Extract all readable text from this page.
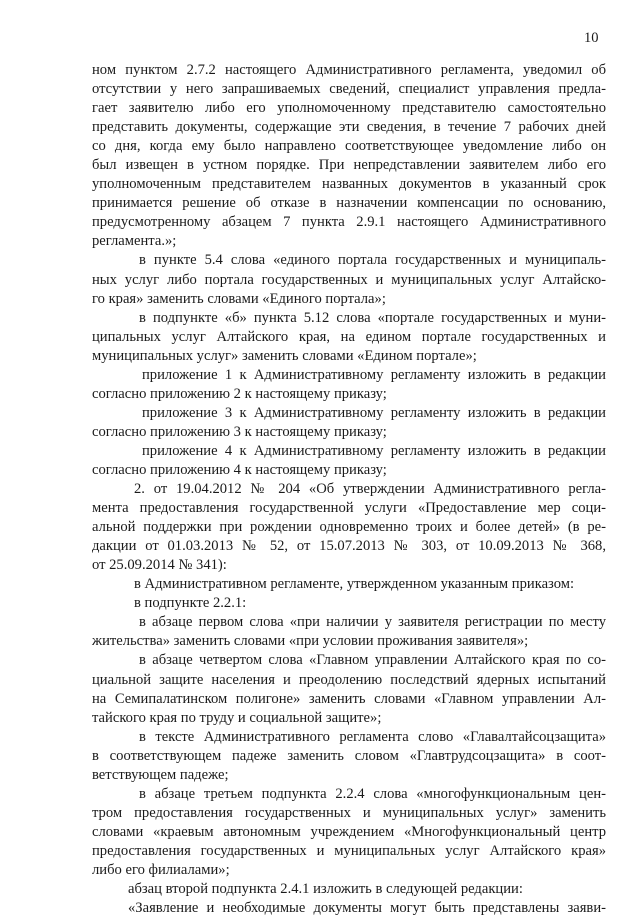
10
ном пунктом 2.7.2 настоящего Административного регламента, уведомил об
отсутствии у него запрашиваемых сведений, специалист управления предла-
гает заявителю либо его уполномоченному представителю самостоятельно
представить документы, содержащие эти сведения, в течение 7 рабочих дней
со дня, когда ему было направлено соответствующее уведомление либо он
был извещен в устном порядке. При непредставлении заявителем либо его
уполномоченным представителем названных документов в указанный срок
принимается решение об отказе в назначении компенсации по основанию,
предусмотренному абзацем 7 пункта 2.9.1 настоящего Административного
регламента.»;
в пункте 5.4 слова «единого портала государственных и муниципаль-
ных услуг либо портала государственных и муниципальных услуг Алтайско-
го края» заменить словами «Единого портала»;
в подпункте «б» пункта 5.12 слова «портале государственных и муни-
ципальных услуг Алтайского края, на едином портале государственных и
муниципальных услуг» заменить словами «Едином портале»;
приложение 1 к Административному регламенту изложить в редакции
согласно приложению 2 к настоящему приказу;
приложение 3 к Административному регламенту изложить в редакции
согласно приложению 3 к настоящему приказу;
приложение 4 к Административному регламенту изложить в редакции
согласно приложению 4 к настоящему приказу;
2. от 19.04.2012 № 204 «Об утверждении Административного регла-
мента предоставления государственной услуги «Предоставление мер соци-
альной поддержки при рождении одновременно троих и более детей» (в ре-
дакции от 01.03.2013 № 52, от 15.07.2013 № 303, от 10.09.2013 № 368,
от 25.09.2014 № 341):
в Административном регламенте, утвержденном указанным приказом:
в подпункте 2.2.1:
в абзаце первом слова «при наличии у заявителя регистрации по месту
жительства» заменить словами «при условии проживания заявителя»;
в абзаце четвертом слова «Главном управлении Алтайского края по со-
циальной защите населения и преодолению последствий ядерных испытаний
на Семипалатинском полигоне» заменить словами «Главном управлении Ал-
тайского края по труду и социальной защите»;
в тексте Административного регламента слово «Главалтайсоцзащита»
в соответствующем падеже заменить словом «Главтрудсоцзащита» в соот-
ветствующем падеже;
в абзаце третьем подпункта 2.2.4 слова «многофункциональным цен-
тром предоставления государственных и муниципальных услуг» заменить
словами «краевым автономным учреждением «Многофункциональный центр
предоставления государственных и муниципальных услуг Алтайского края»
либо его филиалами»;
абзац второй подпункта 2.4.1 изложить в следующей редакции:
«Заявление и необходимые документы могут быть представлены заяви-
